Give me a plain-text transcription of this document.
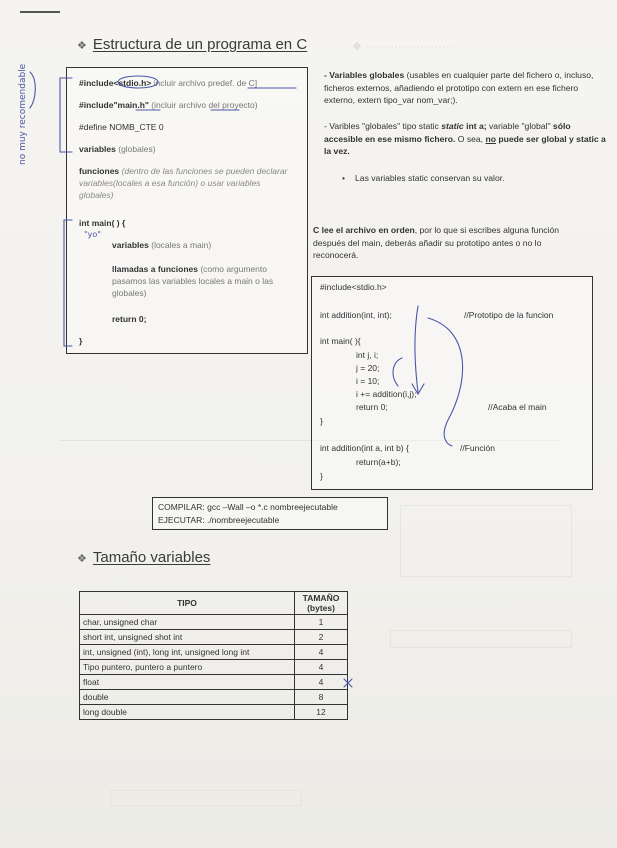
❖ ························
❖ Estructura de un programa en C
#include<stdio.h> incluir archivo predef. de C]
#include"main.h" (incluir archivo del proyecto)
#define NOMB_CTE 0
variables (globales)
funciones (dentro de las funciones se pueden declarar variables(locales a esa función) o usar variables globales)
int main( ) {
variables (locales a main)
llamadas a funciones (como argumento pasamos las variables locales a main o las globales)
return 0;
}
no muy recomendable
"yo"
- Variables globales (usables en cualquier parte del fichero o, incluso, ficheros externos, añadiendo el prototipo con extern en ese fichero externo, extern tipo_var nom_var;).
- Varibles "globales" tipo static static int a; variable "global" sólo accesible en ese mismo fichero. O sea, no puede ser global y static a la vez.
• Las variables static conservan su valor.
C lee el archivo en orden, por lo que si escribes alguna función después del main, deberás añadir su prototipo antes o no lo reconocerá.
#include<stdio.h>
int addition(int, int);	//Prototipo de la funcion
int main( ){
int j, i;
j = 20;
i = 10;
i += addition(i,j);
return 0;	//Acaba el main
}
int addition(int a, int b) {	//Función
return(a+b);
}
COMPILAR: gcc –Wall –o *.c nombreejecutable
EJECUTAR: ./nombreejecutable
❖ Tamaño variables
TIPO	TAMAÑO (bytes)
char, unsigned char	1
short int, unsigned shot int	2
int, unsigned (int), long int, unsigned long int	4
Tipo puntero, puntero a puntero	4
float	4
double	8
long double	12
